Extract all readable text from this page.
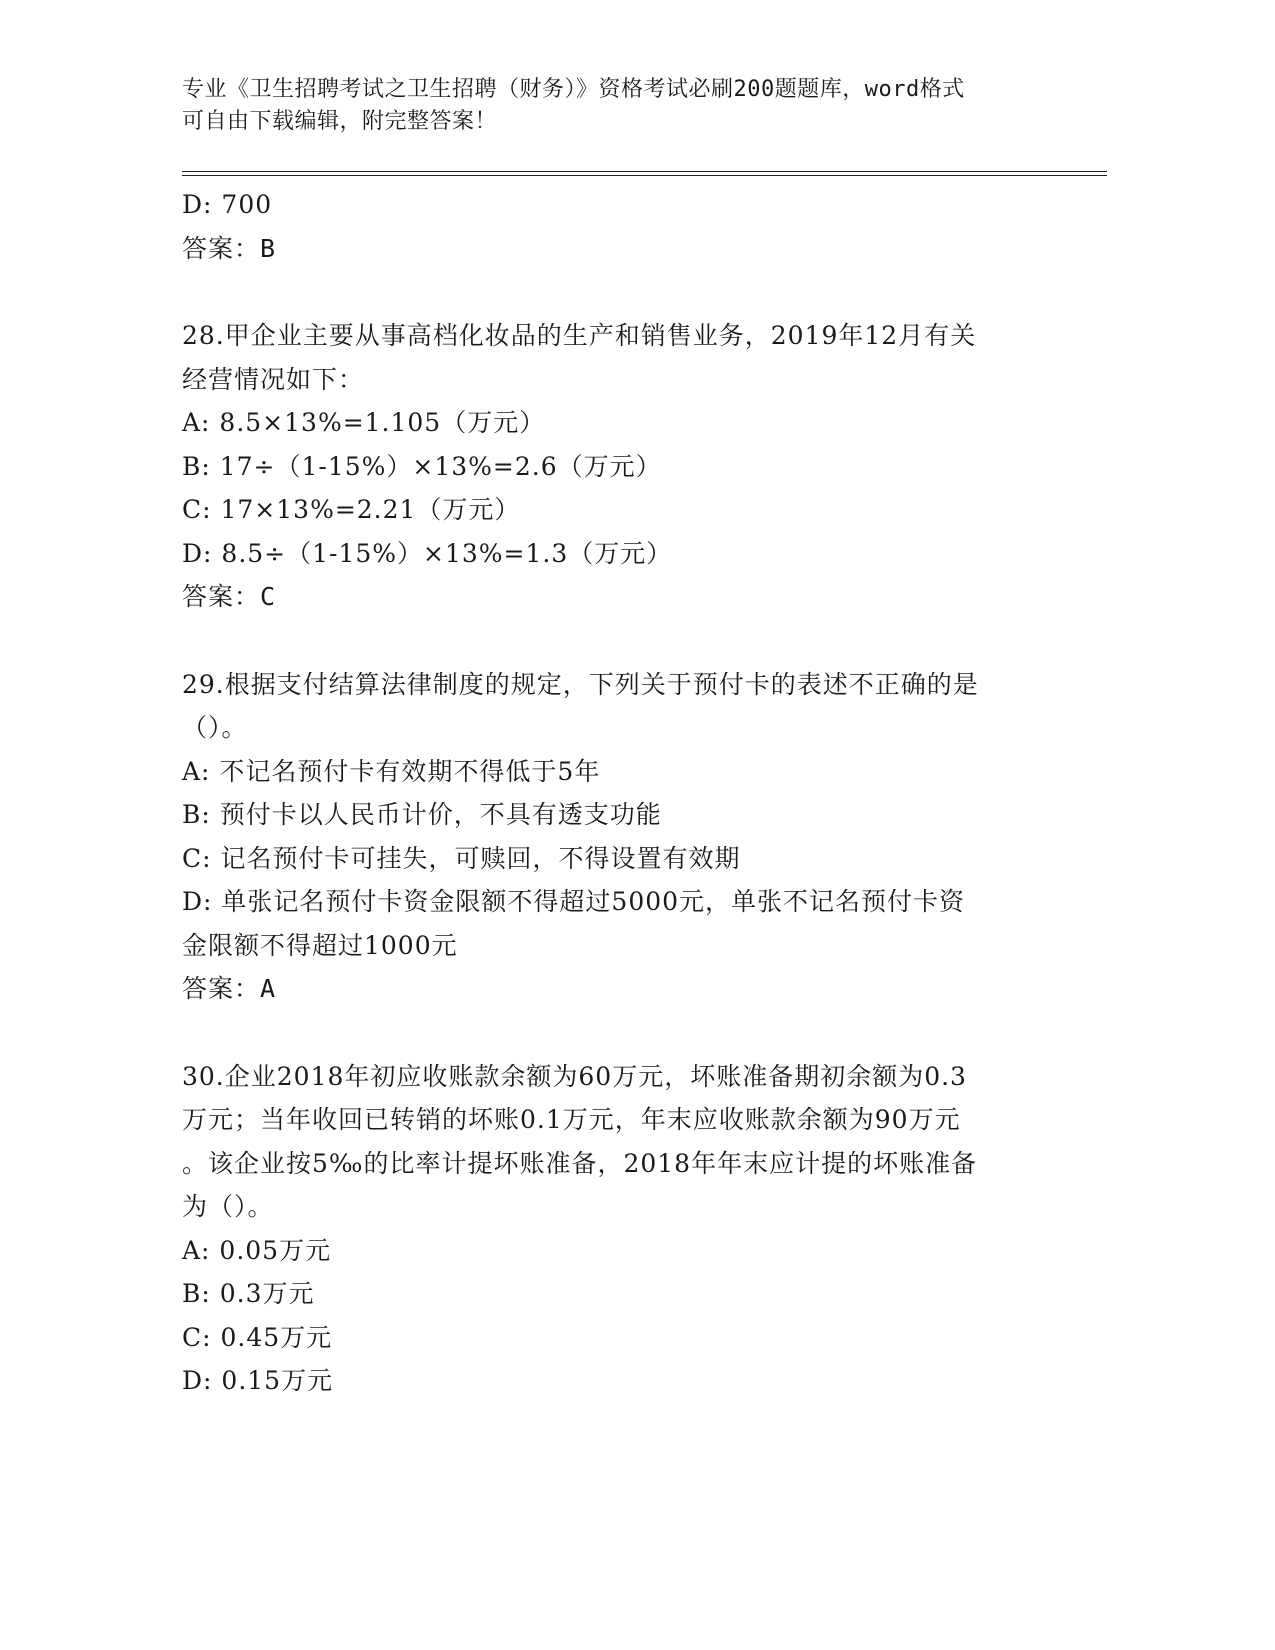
专业《卫生招聘考试之卫生招聘（财务）》资格考试必刷200题题库，word格式
可自由下载编辑，附完整答案！
D: 700
答案：B
28.甲企业主要从事高档化妆品的生产和销售业务，2019年12月有关
经营情况如下：
A: 8.5×13%=1.105（万元）
B: 17÷（1-15%）×13%=2.6（万元）
C: 17×13%=2.21（万元）
D: 8.5÷（1-15%）×13%=1.3（万元）
答案：C
29.根据支付结算法律制度的规定，下列关于预付卡的表述不正确的是
（）。
A: 不记名预付卡有效期不得低于5年
B: 预付卡以人民币计价，不具有透支功能
C: 记名预付卡可挂失，可赎回，不得设置有效期
D: 单张记名预付卡资金限额不得超过5000元，单张不记名预付卡资
金限额不得超过1000元
答案：A
30.企业2018年初应收账款余额为60万元，坏账准备期初余额为0.3
万元；当年收回已转销的坏账0.1万元，年末应收账款余额为90万元
。该企业按5‰的比率计提坏账准备，2018年年末应计提的坏账准备
为（）。
A: 0.05万元
B: 0.3万元
C: 0.45万元
D: 0.15万元
